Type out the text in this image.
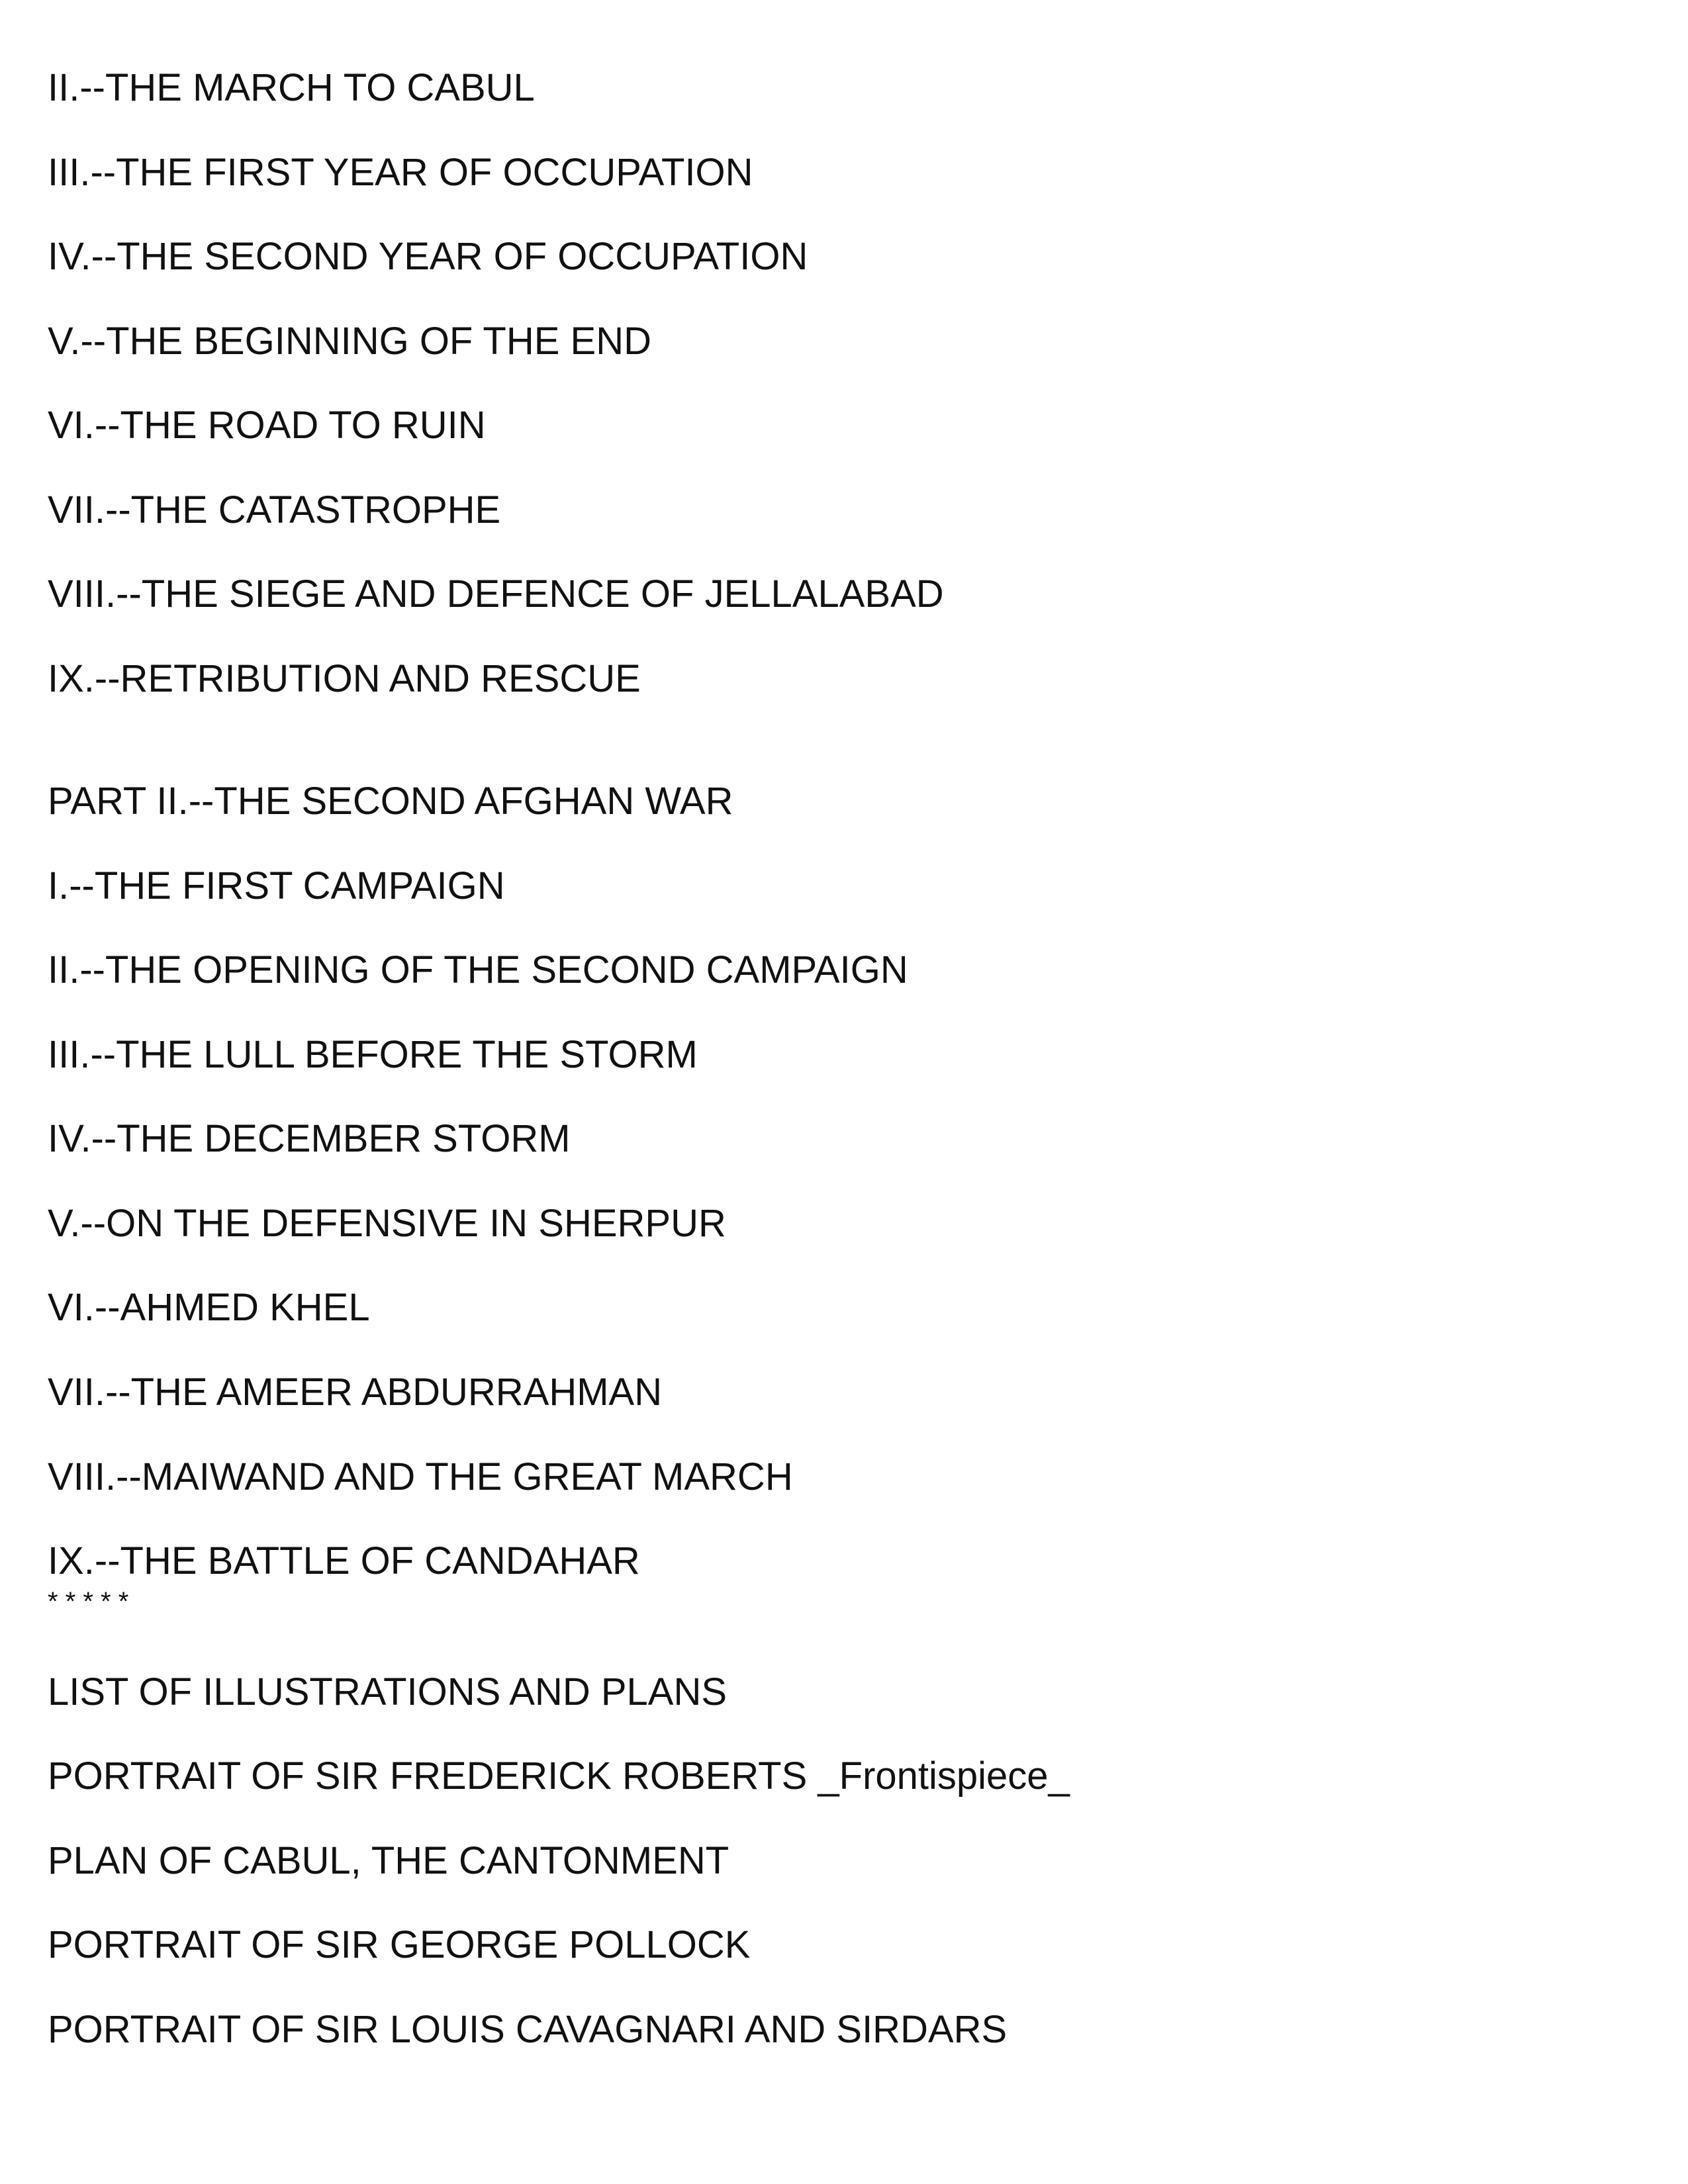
II.--THE MARCH TO CABUL
III.--THE FIRST YEAR OF OCCUPATION
IV.--THE SECOND YEAR OF OCCUPATION
V.--THE BEGINNING OF THE END
VI.--THE ROAD TO RUIN
VII.--THE CATASTROPHE
VIII.--THE SIEGE AND DEFENCE OF JELLALABAD
IX.--RETRIBUTION AND RESCUE
PART II.--THE SECOND AFGHAN WAR
I.--THE FIRST CAMPAIGN
II.--THE OPENING OF THE SECOND CAMPAIGN
III.--THE LULL BEFORE THE STORM
IV.--THE DECEMBER STORM
V.--ON THE DEFENSIVE IN SHERPUR
VI.--AHMED KHEL
VII.--THE AMEER ABDURRAHMAN
VIII.--MAIWAND AND THE GREAT MARCH
IX.--THE BATTLE OF CANDAHAR
* * * * *
LIST OF ILLUSTRATIONS AND PLANS
PORTRAIT OF SIR FREDERICK ROBERTS _Frontispiece_
PLAN OF CABUL, THE CANTONMENT
PORTRAIT OF SIR GEORGE POLLOCK
PORTRAIT OF SIR LOUIS CAVAGNARI AND SIRDARS
